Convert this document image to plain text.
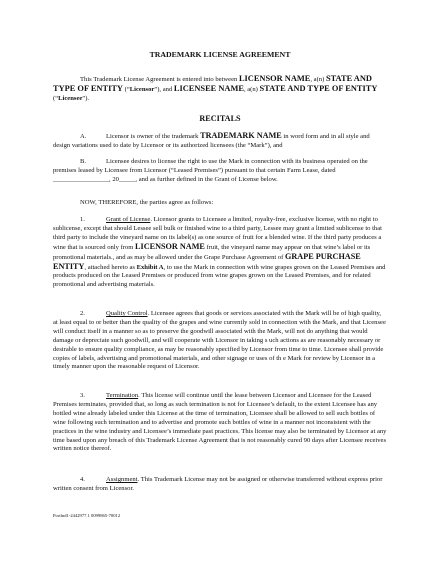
TRADEMARK LICENSE AGREEMENT
This Trademark License Agreement is entered into between LICENSOR NAME, a(n) STATE AND TYPE OF ENTITY (“Licensor”), and LICENSEE NAME, a(n) STATE AND TYPE OF ENTITY (“Licensee”).
RECITALS
A.	Licensor is owner of the trademark TRADEMARK NAME in word form and in all style and design variations used to date by Licensor or its authorized licensees (the “Mark”), and
B.	Licensee desires to license the right to use the Mark in connection with its business operated on the premises leased by Licensee from Licensor (“Leased Premises”) pursuant to that certain Farm Lease, dated _________________, 20_____, and as further defined in the Grant of License below.
NOW, THEREFORE, the parties agree as follows:
1.	Grant of License. Licensor grants to Licensee a limited, royalty-free, exclusive license, with no right to sublicense, except that should Lessee sell bulk or finished wine to a third party, Lessee may grant a limited sublicense to that third party to include the vineyard name on its label(s) as one source of fruit for a blended wine. If the third party produces a wine that is sourced only from LICENSOR NAME fruit, the vineyard name may appear on that wine’s label or its promotional materials., and as may be allowed under the Grape Purchase Agreement of GRAPE PURCHASE ENTITY, attached hereto as Exhibit A, to use the Mark in connection with wine grapes grown on the Leased Premises and products produced on the Leased Premises or produced from wine grapes grown on the Leased Premises, and for related promotional and advertising materials.
2.	Quality Control. Licensee agrees that goods or services associated with the Mark will be of high quality, at least equal to or better than the quality of the grapes and wine currently sold in connection with the Mark, and that Licensee will conduct itself in a manner so as to preserve the goodwill associated with the Mark, will not do anything that would damage or depreciate such goodwill, and will cooperate with Licensor in taking s uch actions as are reasonably necessary or desirable to ensure quality compliance, as may be reasonably specified by Licensor from time to time. Licensee shall provide copies of labels, advertising and promotional materials, and other signage or uses of th e Mark for review by Licensor in a timely manner upon the reasonable request of Licensor.
3.	Termination. This license will continue until the lease between Licensor and Licensee for the Leased Premises terminates, provided that, so long as such termination is not for Licensee’s default, to the extent Licensee has any bottled wine already labeled under this License at the time of termination, Licensee shall be allowed to sell such bottles of wine following such termination and to advertise and promote such bottles of wine in a manner not inconsistent with the practices in the wine industry and Licensee’s immediate past practices. This license may also be terminated by Licensor at any time based upon any breach of this Trademark License Agreement that is not reasonably cured 90 days after Licensee receives written notice thereof.
4.	Assignment. This Trademark License may not be assigned or otherwise transferred without express prior written consent from Licensor.
Portlnd1-2442977.1 0099865-70012
